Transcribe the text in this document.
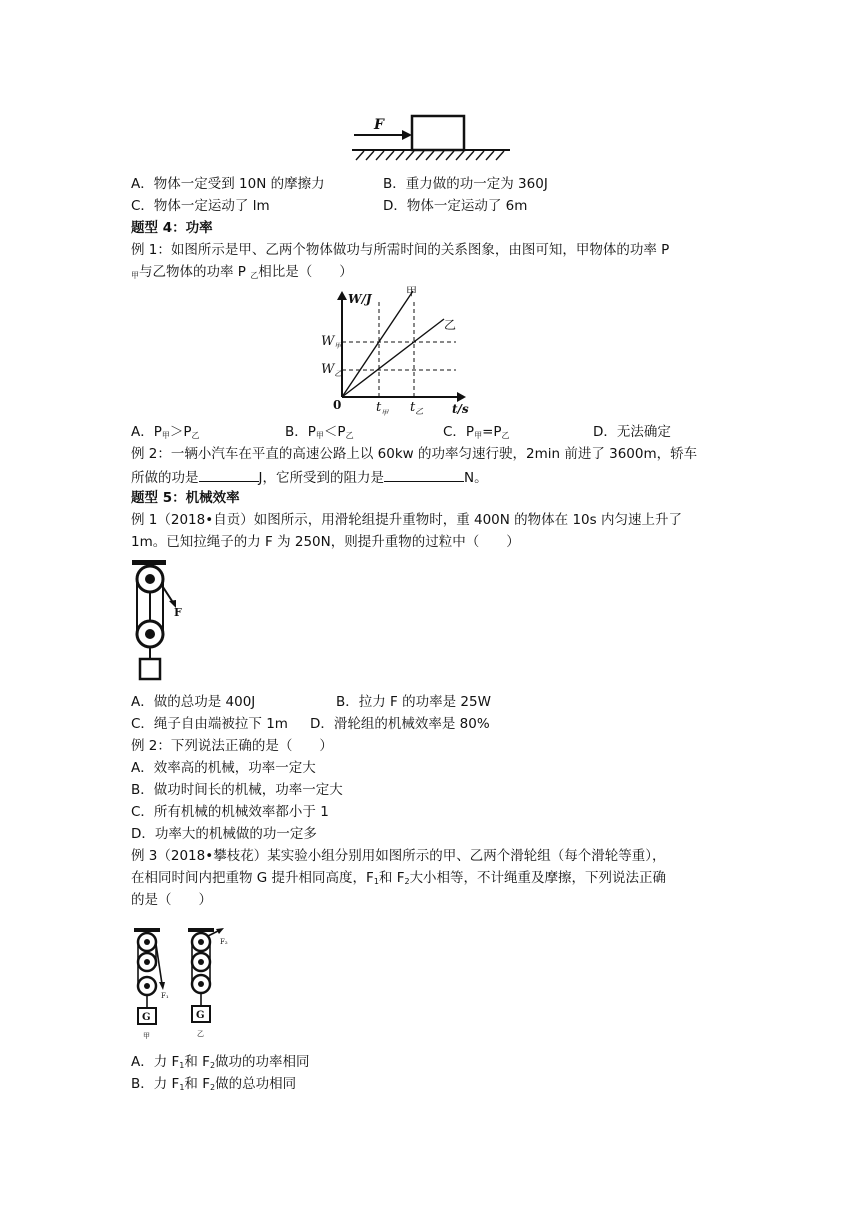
F
A．物体一定受到 10N 的摩擦力	B．重力做的功一定为 360J
C．物体一定运动了 lm	D．物体一定运动了 6m
题型 4：功率
例 1：如图所示是甲、乙两个物体做功与所需时间的关系图象，由图可知，甲物体的功率 P
$_甲$与乙物体的功率 P $_乙$相比是（　　）
W/J
t/s
0
甲
乙
$W_甲$
$W_乙$
$t_甲$ $t_乙$
A．$P_甲>P_乙$	B．$P_甲<P_乙$	C．$P_甲=P_乙$	D．无法确定
例 2：一辆小汽车在平直的高速公路上以 60kw 的功率匀速行驶，2min 前进了 3600m，轿车
所做的功是	J，它所受到的阻力是	N。
题型 5：机械效率
例 1（2018•自贡）如图所示，用滑轮组提升重物时，重 400N 的物体在 10s 内匀速上升了
1m。已知拉绳子的力 F 为 250N，则提升重物的过粒中（　　）
F
A．做的总功是 400J	B．拉力 F 的功率是 25W
C．绳子自由端被拉下 1m D．滑轮组的机械效率是 80%
例 2：下列说法正确的是（　　）
A．效率高的机械，功率一定大
B．做功时间长的机械，功率一定大
C．所有机械的机械效率都小于 1
D．功率大的机械做的功一定多
例 3（2018•攀枝花）某实验小组分别用如图所示的甲、乙两个滑轮组（每个滑轮等重），
在相同时间内把重物 G 提升相同高度，$F_1$和 $F_2$大小相等，不计绳重及摩擦，下列说法正确
的是（　　）
F₁
G
甲
F₂
G
乙
A．力 $F_1$和 $F_2$做功的功率相同
B．力 $F_1$和 $F_2$做的总功相同
